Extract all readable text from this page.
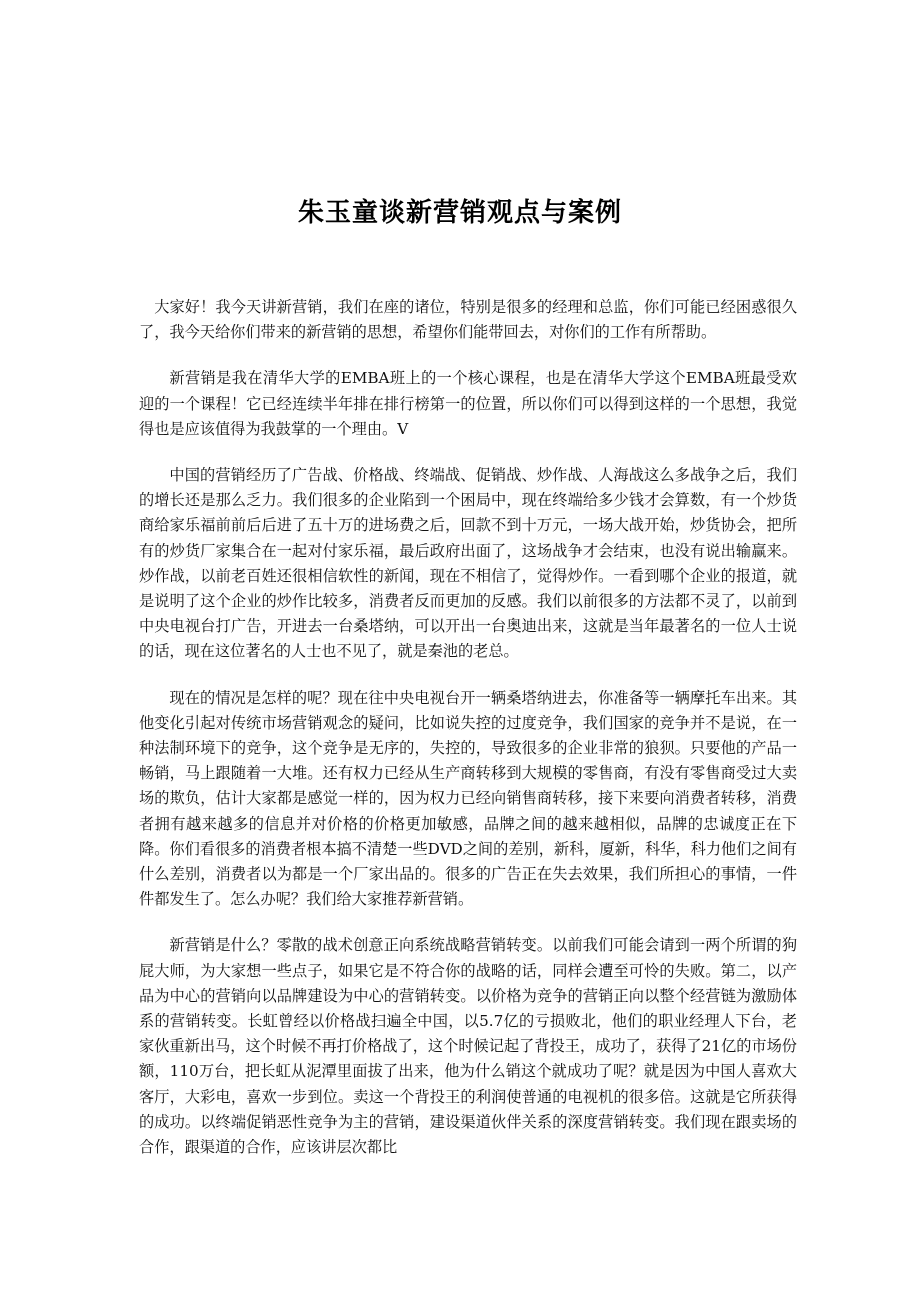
朱玉童谈新营销观点与案例

大家好！我今天讲新营销，我们在座的诸位，特别是很多的经理和总监，你们可能已经困惑很久了，我今天给你们带来的新营销的思想，希望你们能带回去，对你们的工作有所帮助。

新营销是我在清华大学的EMBA班上的一个核心课程，也是在清华大学这个EMBA班最受欢迎的一个课程！它已经连续半年排在排行榜第一的位置，所以你们可以得到这样的一个思想，我觉得也是应该值得为我鼓掌的一个理由。V

中国的营销经历了广告战、价格战、终端战、促销战、炒作战、人海战这么多战争之后，我们的增长还是那么乏力。我们很多的企业陷到一个困局中，现在终端给多少钱才会算数，有一个炒货商给家乐福前前后后进了五十万的进场费之后，回款不到十万元，一场大战开始，炒货协会，把所有的炒货厂家集合在一起对付家乐福，最后政府出面了，这场战争才会结束，也没有说出输赢来。炒作战，以前老百姓还很相信软性的新闻，现在不相信了，觉得炒作。一看到哪个企业的报道，就是说明了这个企业的炒作比较多，消费者反而更加的反感。我们以前很多的方法都不灵了，以前到中央电视台打广告，开进去一台桑塔纳，可以开出一台奥迪出来，这就是当年最著名的一位人士说的话，现在这位著名的人士也不见了，就是秦池的老总。

现在的情况是怎样的呢？现在往中央电视台开一辆桑塔纳进去，你准备等一辆摩托车出来。其他变化引起对传统市场营销观念的疑问，比如说失控的过度竞争，我们国家的竞争并不是说，在一种法制环境下的竞争，这个竞争是无序的，失控的，导致很多的企业非常的狼狈。只要他的产品一畅销，马上跟随着一大堆。还有权力已经从生产商转移到大规模的零售商，有没有零售商受过大卖场的欺负，估计大家都是感觉一样的，因为权力已经向销售商转移，接下来要向消费者转移，消费者拥有越来越多的信息并对价格的价格更加敏感，品牌之间的越来越相似，品牌的忠诚度正在下降。你们看很多的消费者根本搞不清楚一些DVD之间的差别，新科，厦新，科华，科力他们之间有什么差别，消费者以为都是一个厂家出品的。很多的广告正在失去效果，我们所担心的事情，一件件都发生了。怎么办呢？我们给大家推荐新营销。

新营销是什么？零散的战术创意正向系统战略营销转变。以前我们可能会请到一两个所谓的狗屁大师，为大家想一些点子，如果它是不符合你的战略的话，同样会遭至可怜的失败。第二，以产品为中心的营销向以品牌建设为中心的营销转变。以价格为竞争的营销正向以整个经营链为激励体系的营销转变。长虹曾经以价格战扫遍全中国，以5.7亿的亏损败北，他们的职业经理人下台，老家伙重新出马，这个时候不再打价格战了，这个时候记起了背投王，成功了，获得了21亿的市场份额，110万台，把长虹从泥潭里面拔了出来，他为什么销这个就成功了呢？就是因为中国人喜欢大客厅，大彩电，喜欢一步到位。卖这一个背投王的利润使普通的电视机的很多倍。这就是它所获得的成功。以终端促销恶性竞争为主的营销，建设渠道伙伴关系的深度营销转变。我们现在跟卖场的合作，跟渠道的合作，应该讲层次都比
